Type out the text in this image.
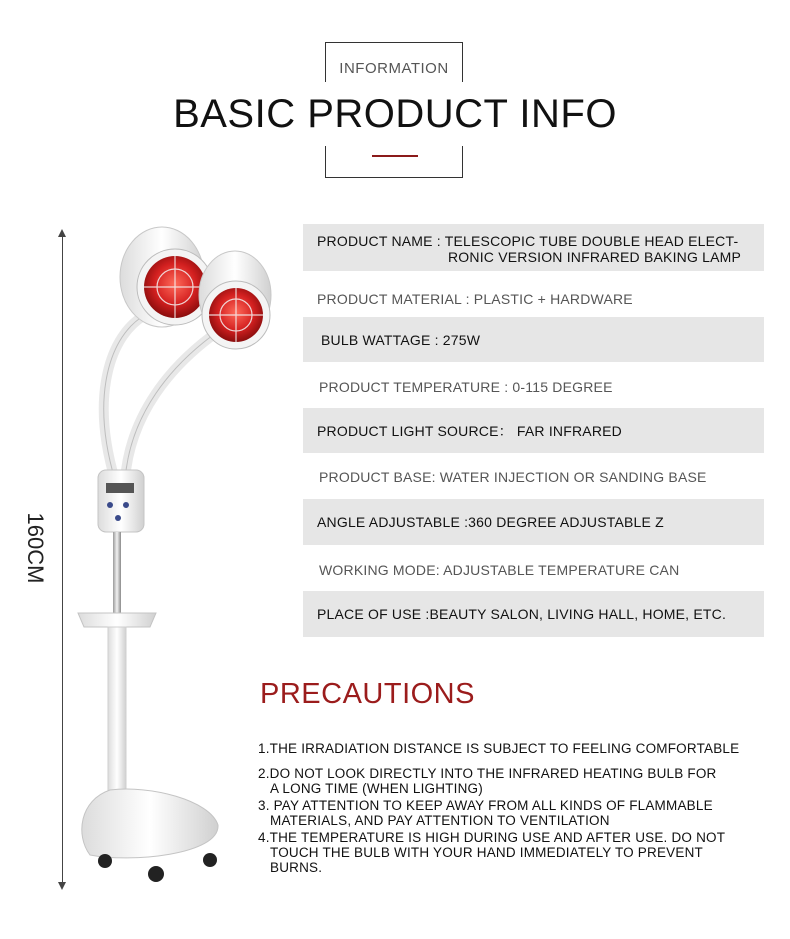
INFORMATION
BASIC PRODUCT INFO
160CM
PRODUCT NAME : TELESCOPIC TUBE DOUBLE HEAD ELECT-
RONIC VERSION INFRARED BAKING LAMP
PRODUCT MATERIAL : PLASTIC + HARDWARE
BULB WATTAGE : 275W
PRODUCT TEMPERATURE : 0-115 DEGREE
PRODUCT LIGHT SOURCE： FAR INFRARED
PRODUCT BASE: WATER INJECTION OR SANDING BASE
ANGLE ADJUSTABLE :360 DEGREE ADJUSTABLE Z
WORKING MODE: ADJUSTABLE TEMPERATURE CAN
PLACE OF USE :BEAUTY SALON, LIVING HALL, HOME, ETC.
PRECAUTIONS
1.THE IRRADIATION DISTANCE IS SUBJECT TO FEELING COMFORTABLE
2.DO NOT LOOK DIRECTLY INTO THE INFRARED HEATING BULB FOR

A LONG TIME (WHEN LIGHTING)
3. PAY ATTENTION TO KEEP AWAY FROM ALL KINDS OF FLAMMABLE

MATERIALS, AND PAY ATTENTION TO VENTILATION
4.THE TEMPERATURE IS HIGH DURING USE AND AFTER USE. DO NOT

TOUCH THE BULB WITH YOUR HAND IMMEDIATELY TO PREVENT
BURNS.
